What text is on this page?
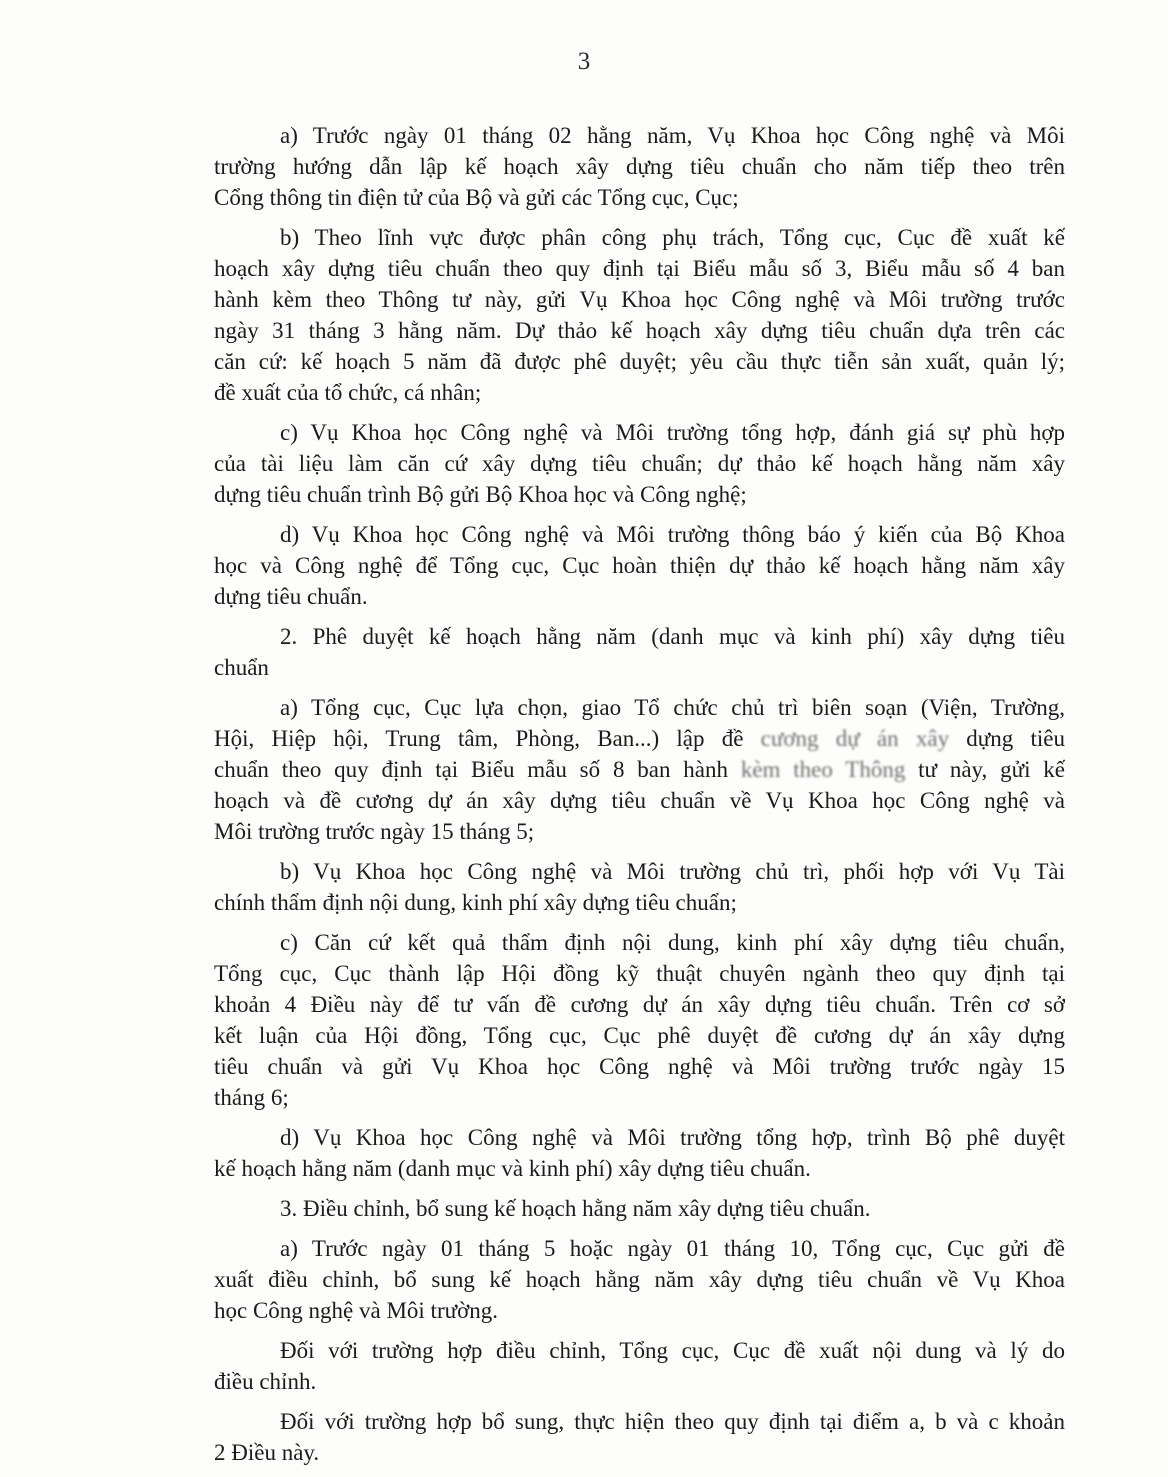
3
a) Trước ngày 01 tháng 02 hằng năm, Vụ Khoa học Công nghệ và Môi
trường hướng dẫn lập kế hoạch xây dựng tiêu chuẩn cho năm tiếp theo trên
Cổng thông tin điện tử của Bộ và gửi các Tổng cục, Cục;
b) Theo lĩnh vực được phân công phụ trách, Tổng cục, Cục đề xuất kế
hoạch xây dựng tiêu chuẩn theo quy định tại Biểu mẫu số 3, Biểu mẫu số 4 ban
hành kèm theo Thông tư này, gửi Vụ Khoa học Công nghệ và Môi trường trước
ngày 31 tháng 3 hằng năm. Dự thảo kế hoạch xây dựng tiêu chuẩn dựa trên các
căn cứ: kế hoạch 5 năm đã được phê duyệt; yêu cầu thực tiễn sản xuất, quản lý;
đề xuất của tổ chức, cá nhân;
c) Vụ Khoa học Công nghệ và Môi trường tổng hợp, đánh giá sự phù hợp
của tài liệu làm căn cứ xây dựng tiêu chuẩn; dự thảo kế hoạch hằng năm xây
dựng tiêu chuẩn trình Bộ gửi Bộ Khoa học và Công nghệ;
d) Vụ Khoa học Công nghệ và Môi trường thông báo ý kiến của Bộ Khoa
học và Công nghệ để Tổng cục, Cục hoàn thiện dự thảo kế hoạch hằng năm xây
dựng tiêu chuẩn.
2. Phê duyệt kế hoạch hằng năm (danh mục và kinh phí) xây dựng tiêu
chuẩn
a) Tổng cục, Cục lựa chọn, giao Tổ chức chủ trì biên soạn (Viện, Trường,
Hội, Hiệp hội, Trung tâm, Phòng, Ban...) lập đề cương dự án xây dựng tiêu
chuẩn theo quy định tại Biểu mẫu số 8 ban hành kèm theo Thông tư này, gửi kế
hoạch và đề cương dự án xây dựng tiêu chuẩn về Vụ Khoa học Công nghệ và
Môi trường trước ngày 15 tháng 5;
b) Vụ Khoa học Công nghệ và Môi trường chủ trì, phối hợp với Vụ Tài
chính thẩm định nội dung, kinh phí xây dựng tiêu chuẩn;
c) Căn cứ kết quả thẩm định nội dung, kinh phí xây dựng tiêu chuẩn,
Tổng cục, Cục thành lập Hội đồng kỹ thuật chuyên ngành theo quy định tại
khoản 4 Điều này để tư vấn đề cương dự án xây dựng tiêu chuẩn. Trên cơ sở
kết luận của Hội đồng, Tổng cục, Cục phê duyệt đề cương dự án xây dựng
tiêu chuẩn và gửi Vụ Khoa học Công nghệ và Môi trường trước ngày 15
tháng 6;
d) Vụ Khoa học Công nghệ và Môi trường tổng hợp, trình Bộ phê duyệt
kế hoạch hằng năm (danh mục và kinh phí) xây dựng tiêu chuẩn.
3. Điều chỉnh, bổ sung kế hoạch hằng năm xây dựng tiêu chuẩn.
a) Trước ngày 01 tháng 5 hoặc ngày 01 tháng 10, Tổng cục, Cục gửi đề
xuất điều chỉnh, bổ sung kế hoạch hằng năm xây dựng tiêu chuẩn về Vụ Khoa
học Công nghệ và Môi trường.
Đối với trường hợp điều chỉnh, Tổng cục, Cục đề xuất nội dung và lý do
điều chỉnh.
Đối với trường hợp bổ sung, thực hiện theo quy định tại điểm a, b và c khoản
2 Điều này.
